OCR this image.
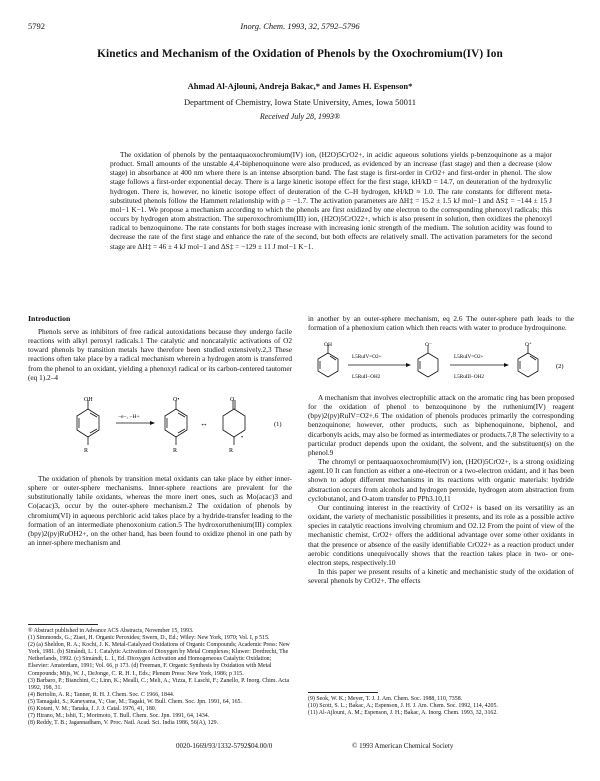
5792	Inorg. Chem. 1993, 32, 5792–5796
Kinetics and Mechanism of the Oxidation of Phenols by the Oxochromium(IV) Ion
Ahmad Al-Ajlouni, Andreja Bakac,* and James H. Espenson*
Department of Chemistry, Iowa State University, Ames, Iowa 50011
Received July 28, 1993®

The oxidation of phenols by the pentaaquaoxochromium(IV) ion, (H2O)5CrO2+, in acidic aqueous solutions yields p-benzoquinone as a major product. Small amounts of the unstable 4,4'-biphenoquinone were also produced, as evidenced by an increase (fast stage) and then a decrease (slow stage) in absorbance at 400 nm where there is an intense absorption band. The fast stage is first-order in CrO2+ and first-order in phenol. The slow stage follows a first-order exponential decay. There is a large kinetic isotope effect for the first stage, kH/kD = 14.7, on deuteration of the hydroxylic hydrogen. There is, however, no kinetic isotope effect of deuteration of the C–H hydrogen, kH/kD ≈ 1.0. The rate constants for different meta-substituted phenols follow the Hammett relationship with ρ = −1.7. The activation parameters are ΔH‡ = 15.2 ± 1.5 kJ mol−1 and ΔS‡ = −144 ± 15 J mol−1 K−1. We propose a mechanism according to which the phenols are first oxidized by one electron to the corresponding phenoxyl radicals; this occurs by hydrogen atom abstraction. The superoxochromium(III) ion, (H2O)5CrO22+, which is also present in solution, then oxidizes the phenoxyl radical to benzoquinone. The rate constants for both stages increase with increasing ionic strength of the medium. The solution acidity was found to decrease the rate of the first stage and enhance the rate of the second, but both effects are relatively small. The activation parameters for the second stage are ΔH‡ = 46 ± 4 kJ mol−1 and ΔS‡ = −129 ± 11 J mol−1 K−1.

Introduction

Phenols serve as inhibitors of free radical autoxidations because they undergo facile reactions with alkyl peroxyl radicals.1 The catalytic and noncatalytic activations of O2 toward phenols by transition metals have therefore been studied extensively.2,3 These reactions often take place by a radical mechanism wherein a hydrogen atom is transferred from the phenol to an oxidant, yielding a phenoxyl radical or its carbon-centered tautomer (eq 1).2–4

OH
R
−e−, −H+
O•
R
↔
O
R
•
(1)

The oxidation of phenols by transition metal oxidants can take place by either inner-sphere or outer-sphere mechanisms. Inner-sphere reactions are prevalent for the substitutionally labile oxidants, whereas the more inert ones, such as Mo(acac)3 and Co(acac)3, occur by the outer-sphere mechanism.2 The oxidation of phenols by chromium(VI) in aqueous perchloric acid takes place by a hydride-transfer leading to the formation of an intermediate phenoxonium cation.5 The hydroxoruthenium(III) complex (bpy)2(py)RuOH2+, on the other hand, has been found to oxidize phenol in one path by an inner-sphere mechanism and

® Abstract published in Advance ACS Abstracts, November 15, 1993.
(1) Simmonds, G.; Ziaei, H. Organic Peroxides; Swern, D., Ed.; Wiley: New York, 1970; Vol. I, p 515.
(2) (a) Sheldon, R. A.; Kochi, J. K. Metal-Catalyzed Oxidations of Organic Compounds; Academic Press: New York, 1981. (b) Simándi, L. I. Catalytic Activation of Dioxygen by Metal Complexes; Kluwer: Dordrecht, The Netherlands, 1992. (c) Simándi, L. I., Ed. Dioxygen Activation and Homogeneous Catalytic Oxidation; Elsevier: Amsterdam, 1991; Vol. 66, p 173. (d) Freeman, F. Organic Synthesis by Oxidation with Metal Compounds; Mijs, W. J., DeJonge, C. R. H. I., Eds.; Plenum Press: New York, 1986; p 315.
(3) Barbaro, P.; Bianchini, C.; Linn, K.; Mealli, C.; Meli, A.; Vizza, F. Laschi, F.; Zanello, P. Inorg. Chim. Acta 1992, 198, 31.
(4) Bertolin, A. R.; Tanner, R. H. J. Chem. Soc. C 1966, 1844.
(5) Tamagaki, S.; Kaneyama, Y.; Oae, M.; Tagaki, W. Bull. Chem. Soc. Jpn. 1991, 64, 165.
(6) Kotani, V. M.; Tanaka, J. J. J. Catal. 1976, 41, 180.
(7) Hirano, M.; Ishii, T.; Morimoto, T. Bull. Chem. Soc. Jpn. 1991, 64, 1434.
(8) Reddy, T. B.; Jagannadham, V. Proc. Natl. Acad. Sci. India 1986, 56(A), 129.

in another by an outer-sphere mechanism, eq 2.6 The outer-sphere path leads to the formation of a phenoxium cation which then reacts with water to produce hydroquinone.

OH
L5RuIV=O2+
L5RuII−OH2
O⁻
L5RuIV=O2+
L5RuIII−OH2
O⁺
(2)

A mechanism that involves electrophilic attack on the aromatic ring has been proposed for the oxidation of phenol to benzoquinone by the ruthenium(IV) reagent (bpy)2(py)RuIV=O2+.6 The oxidation of phenols produces primarily the corresponding benzoquinone; however, other products, such as biphenoquinone, biphenol, and dicarbonyls acids, may also be formed as intermediates or products.7,8 The selectivity to a particular product depends upon the oxidant, the solvent, and the substituent(s) on the phenol.9

The chromyl or pentaaquaoxochromium(IV) ion, (H2O)5CrO2+, is a strong oxidizing agent.10 It can function as either a one-electron or a two-electron oxidant, and it has been shown to adopt different mechanisms in its reactions with organic materials: hydride abstraction occurs from alcohols and hydrogen peroxide, hydrogen atom abstraction from cyclobutanol, and O-atom transfer to PPh3.10,11

Our continuing interest in the reactivity of CrO2+ is based on its versatility as an oxidant, the variety of mechanistic possibilities it presents, and its role as a possible active species in catalytic reactions involving chromium and O2.12 From the point of view of the mechanistic chemist, CrO2+ offers the additional advantage over some other oxidants in that the presence or absence of the easily identifiable CrO22+ as a reaction product under aerobic conditions unequivocally shows that the reaction takes place in two- or one-electron steps, respectively.10

In this paper we present results of a kinetic and mechanistic study of the oxidation of several phenols by CrO2+. The effects

(9) Seok, W. K.; Meyer, T. J. J. Am. Chem. Soc. 1988, 110, 7358.
(10) Scott, S. L.; Bakac, A.; Espenson, J. H. J. Am. Chem. Soc. 1992, 114, 4205.
(11) Al-Ajlouni, A. M.; Espenson, J. H.; Bakac, A. Inorg. Chem. 1993, 32, 3162.
0020-1669/93/1332-5792$04.00/0	© 1993 American Chemical Society
